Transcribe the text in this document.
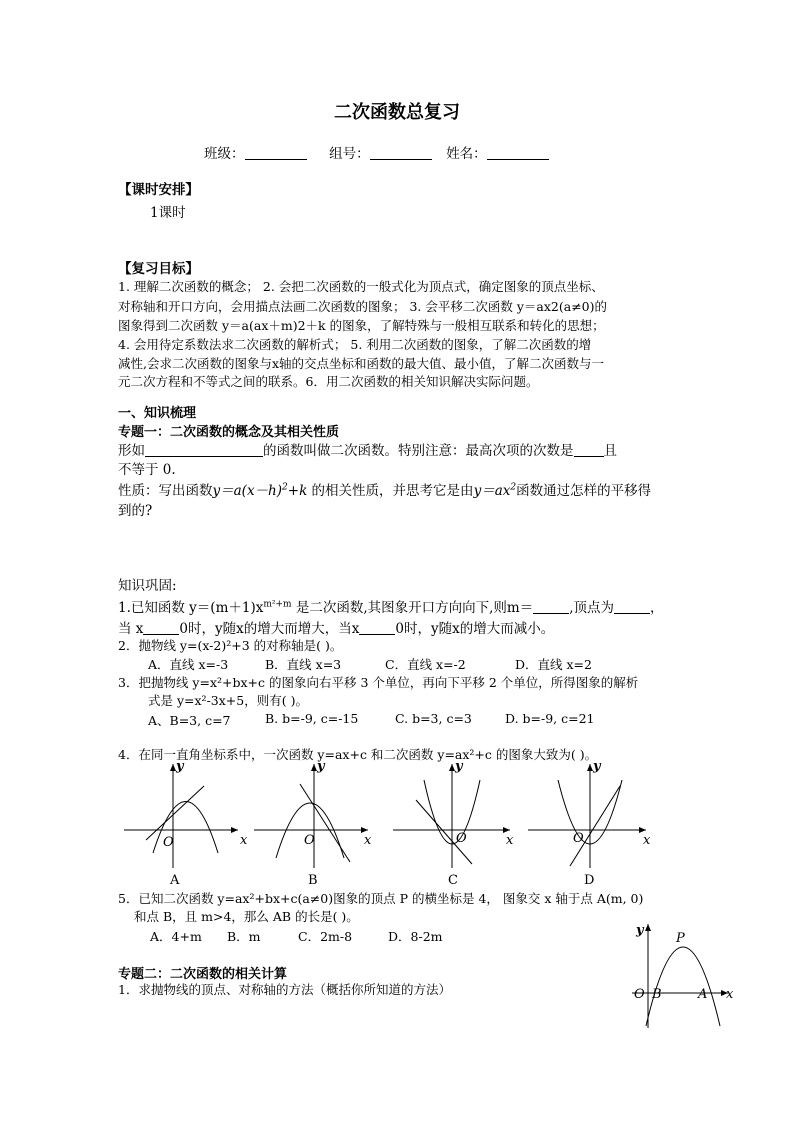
二次函数总复习
班级：	组号：	姓名：
【课时安排】
1课时
【复习目标】
1. 理解二次函数的概念； 2. 会把二次函数的一般式化为顶点式，确定图象的顶点坐标、
对称轴和开口方向，会用描点法画二次函数的图象； 3. 会平移二次函数 y＝ax2(a≠0)的
图象得到二次函数 y＝a(ax＋m)2＋k 的图象，了解特殊与一般相互联系和转化的思想；
4. 会用待定系数法求二次函数的解析式； 5. 利用二次函数的图象，了解二次函数的增
减性,会求二次函数的图象与x轴的交点坐标和函数的最大值、最小值，了解二次函数与一
元二次方程和不等式之间的联系。6．用二次函数的相关知识解决实际问题。
一、知识梳理
专题一：二次函数的概念及其相关性质
形如	的函数叫做二次函数。特别注意：最高次项的次数是 且
不等于 0.
性质：写出函数$y=a(x-h)^2+k$ 的相关性质，并思考它是由$y=ax^2$函数通过怎样的平移得
到的?
知识巩固:
1.已知函数 $y=(m+1)x^{m^2+m}$ 是二次函数,其图象开口方向向下,则m＝	,顶点为	，
当 x	0时，y随x的增大而增大，当x	0时，y随x的增大而减小。
2．抛物线 y=(x-2)²+3 的对称轴是( )。
A．直线 x=-3	B．直线 x=3	C．直线 x=-2	D．直线 x=2
3．把抛物线 y=x²+bx+c 的图象向右平移 3 个单位，再向下平移 2 个单位，所得图象的解析
式是 y=x²-3x+5，则有( )。
A、B=3, c=7	B. b=-9, c=-15	C. b=3, c=3	D. b=-9, c=21
4．在同一直角坐标系中，一次函数 y=ax+c 和二次函数 y=ax²+c 的图象大致为( )。
y
x
O
A
y
x
O
B
y
x
O
C
y
x
O
D
5．已知二次函数 y=ax²+bx+c(a≠0)图象的顶点 P 的横坐标是 4， 图象交 x 轴于点 A(m, 0)
和点 B，且 m>4，那么 AB 的长是( )。
A．4+m B．m	C．2m-8	D．8-2m	y
x
O
P
B	A
专题二：二次函数的相关计算
1．求抛物线的顶点、对称轴的方法（概括你所知道的方法）
